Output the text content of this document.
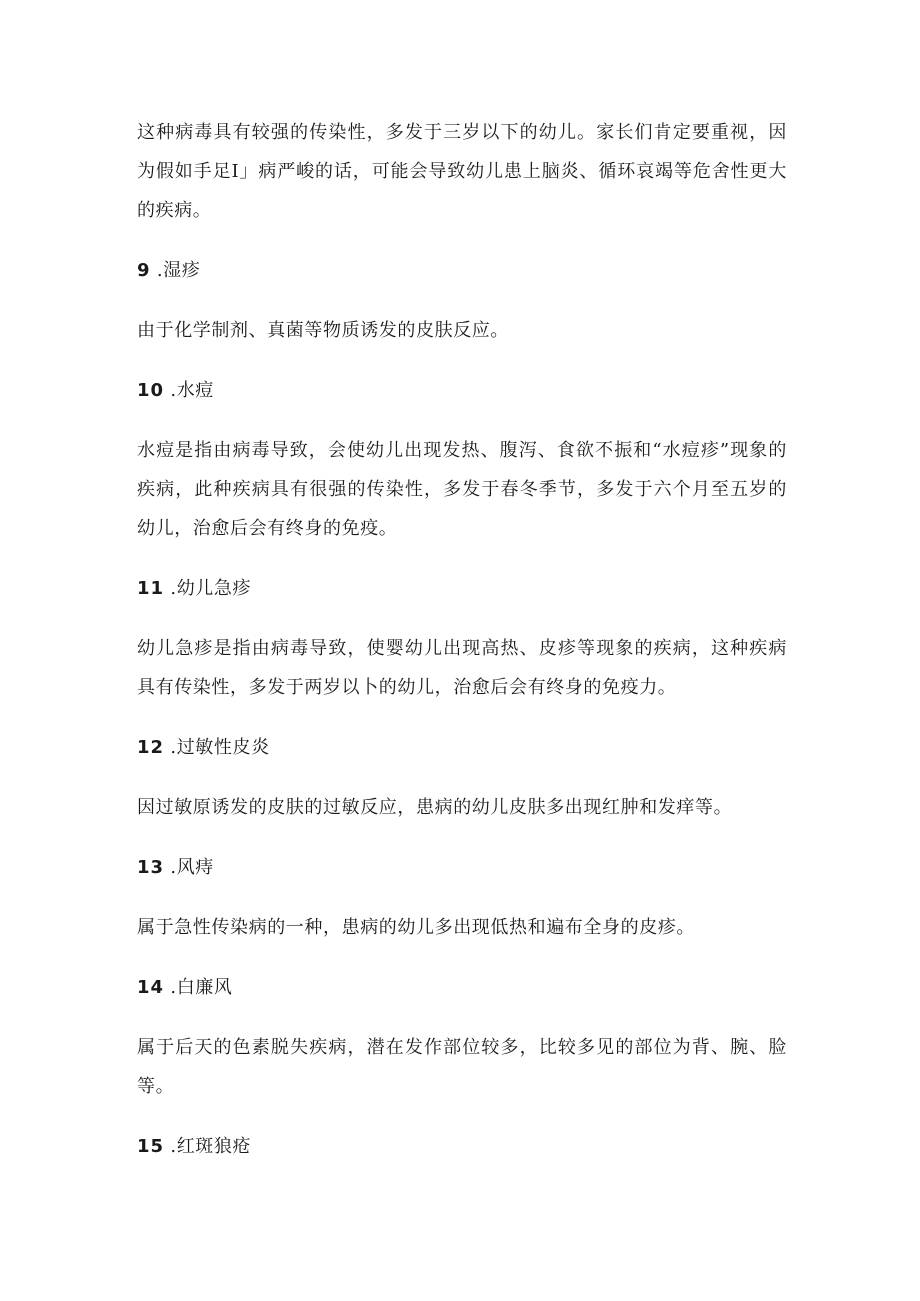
这种病毒具有较强的传染性，多发于三岁以下的幼儿。家长们肯定要重视，因为假如手足I」病严峻的话，可能会导致幼儿患上脑炎、循环哀竭等危舍性更大的疾病。

9 .湿疹

由于化学制剂、真菌等物质诱发的皮肤反应。

10 .水痘

水痘是指由病毒导致，会使幼儿出现发热、腹泻、食欲不振和“水痘疹”现象的疾病，此种疾病具有很强的传染性，多发于春冬季节，多发于六个月至五岁的幼儿，治愈后会有终身的免疫。

11 .幼儿急疹

幼儿急疹是指由病毒导致，使婴幼儿出现高热、皮疹等现象的疾病，这种疾病具有传染性，多发于两岁以卜的幼儿，治愈后会有终身的免疫力。

12 .过敏性皮炎

因过敏原诱发的皮肤的过敏反应，患病的幼儿皮肤多出现红肿和发痒等。

13 .风痔

属于急性传染病的一种，患病的幼儿多出现低热和遍布全身的皮疹。

14 .白廉风

属于后天的色素脱失疾病，潜在发作部位较多，比较多见的部位为背、腕、脸等。

15 .红斑狼疮
